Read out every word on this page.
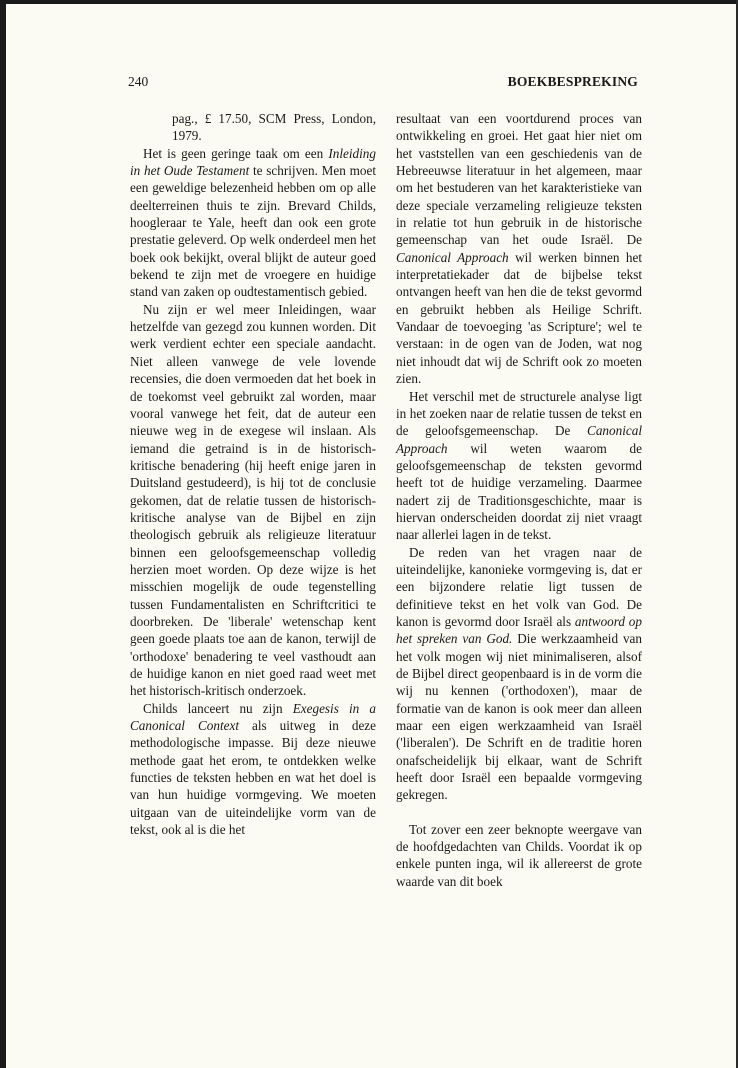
240	BOEKBESPREKING

pag., £ 17.50, SCM Press, London, 1979.

Het is geen geringe taak om een Inleiding in het Oude Testament te schrijven. Men moet een geweldige belezenheid hebben om op alle deelterreinen thuis te zijn. Brevard Childs, hoogleraar te Yale, heeft dan ook een grote prestatie geleverd. Op welk onderdeel men het boek ook bekijkt, overal blijkt de auteur goed bekend te zijn met de vroegere en huidige stand van zaken op oudtestamentisch gebied.

Nu zijn er wel meer Inleidingen, waar hetzelfde van gezegd zou kunnen worden. Dit werk verdient echter een speciale aandacht. Niet alleen vanwege de vele lovende recensies, die doen vermoeden dat het boek in de toekomst veel gebruikt zal worden, maar vooral vanwege het feit, dat de auteur een nieuwe weg in de exegese wil inslaan. Als iemand die getraind is in de historisch-kritische benadering (hij heeft enige jaren in Duitsland gestudeerd), is hij tot de conclusie gekomen, dat de relatie tussen de historisch-kritische analyse van de Bijbel en zijn theologisch gebruik als religieuze literatuur binnen een geloofsgemeenschap volledig herzien moet worden. Op deze wijze is het misschien mogelijk de oude tegenstelling tussen Fundamentalisten en Schriftcritici te doorbreken. De 'liberale' wetenschap kent geen goede plaats toe aan de kanon, terwijl de 'orthodoxe' benadering te veel vasthoudt aan de huidige kanon en niet goed raad weet met het historisch-kritisch onderzoek.

Childs lanceert nu zijn Exegesis in a Canonical Context als uitweg in deze methodologische impasse. Bij deze nieuwe methode gaat het erom, te ontdekken welke functies de teksten hebben en wat het doel is van hun huidige vormgeving. We moeten uitgaan van de uiteindelijke vorm van de tekst, ook al is die het

resultaat van een voortdurend proces van ontwikkeling en groei. Het gaat hier niet om het vaststellen van een geschiedenis van de Hebreeuwse literatuur in het algemeen, maar om het bestuderen van het karakteristieke van deze speciale verzameling religieuze teksten in relatie tot hun gebruik in de historische gemeenschap van het oude Israël. De Canonical Approach wil werken binnen het interpretatiekader dat de bijbelse tekst ontvangen heeft van hen die de tekst gevormd en gebruikt hebben als Heilige Schrift. Vandaar de toevoeging 'as Scripture'; wel te verstaan: in de ogen van de Joden, wat nog niet inhoudt dat wij de Schrift ook zo moeten zien.

Het verschil met de structurele analyse ligt in het zoeken naar de relatie tussen de tekst en de geloofsgemeenschap. De Canonical Approach wil weten waarom de geloofsgemeenschap de teksten gevormd heeft tot de huidige verzameling. Daarmee nadert zij de Traditionsgeschichte, maar is hiervan onderscheiden doordat zij niet vraagt naar allerlei lagen in de tekst.

De reden van het vragen naar de uiteindelijke, kanonieke vormgeving is, dat er een bijzondere relatie ligt tussen de definitieve tekst en het volk van God. De kanon is gevormd door Israël als antwoord op het spreken van God. Die werkzaamheid van het volk mogen wij niet minimaliseren, alsof de Bijbel direct geopenbaard is in de vorm die wij nu kennen ('orthodoxen'), maar de formatie van de kanon is ook meer dan alleen maar een eigen werkzaamheid van Israël ('liberalen'). De Schrift en de traditie horen onafscheidelijk bij elkaar, want de Schrift heeft door Israël een bepaalde vormgeving gekregen.

Tot zover een zeer beknopte weergave van de hoofdgedachten van Childs. Voordat ik op enkele punten inga, wil ik allereerst de grote waarde van dit boek
